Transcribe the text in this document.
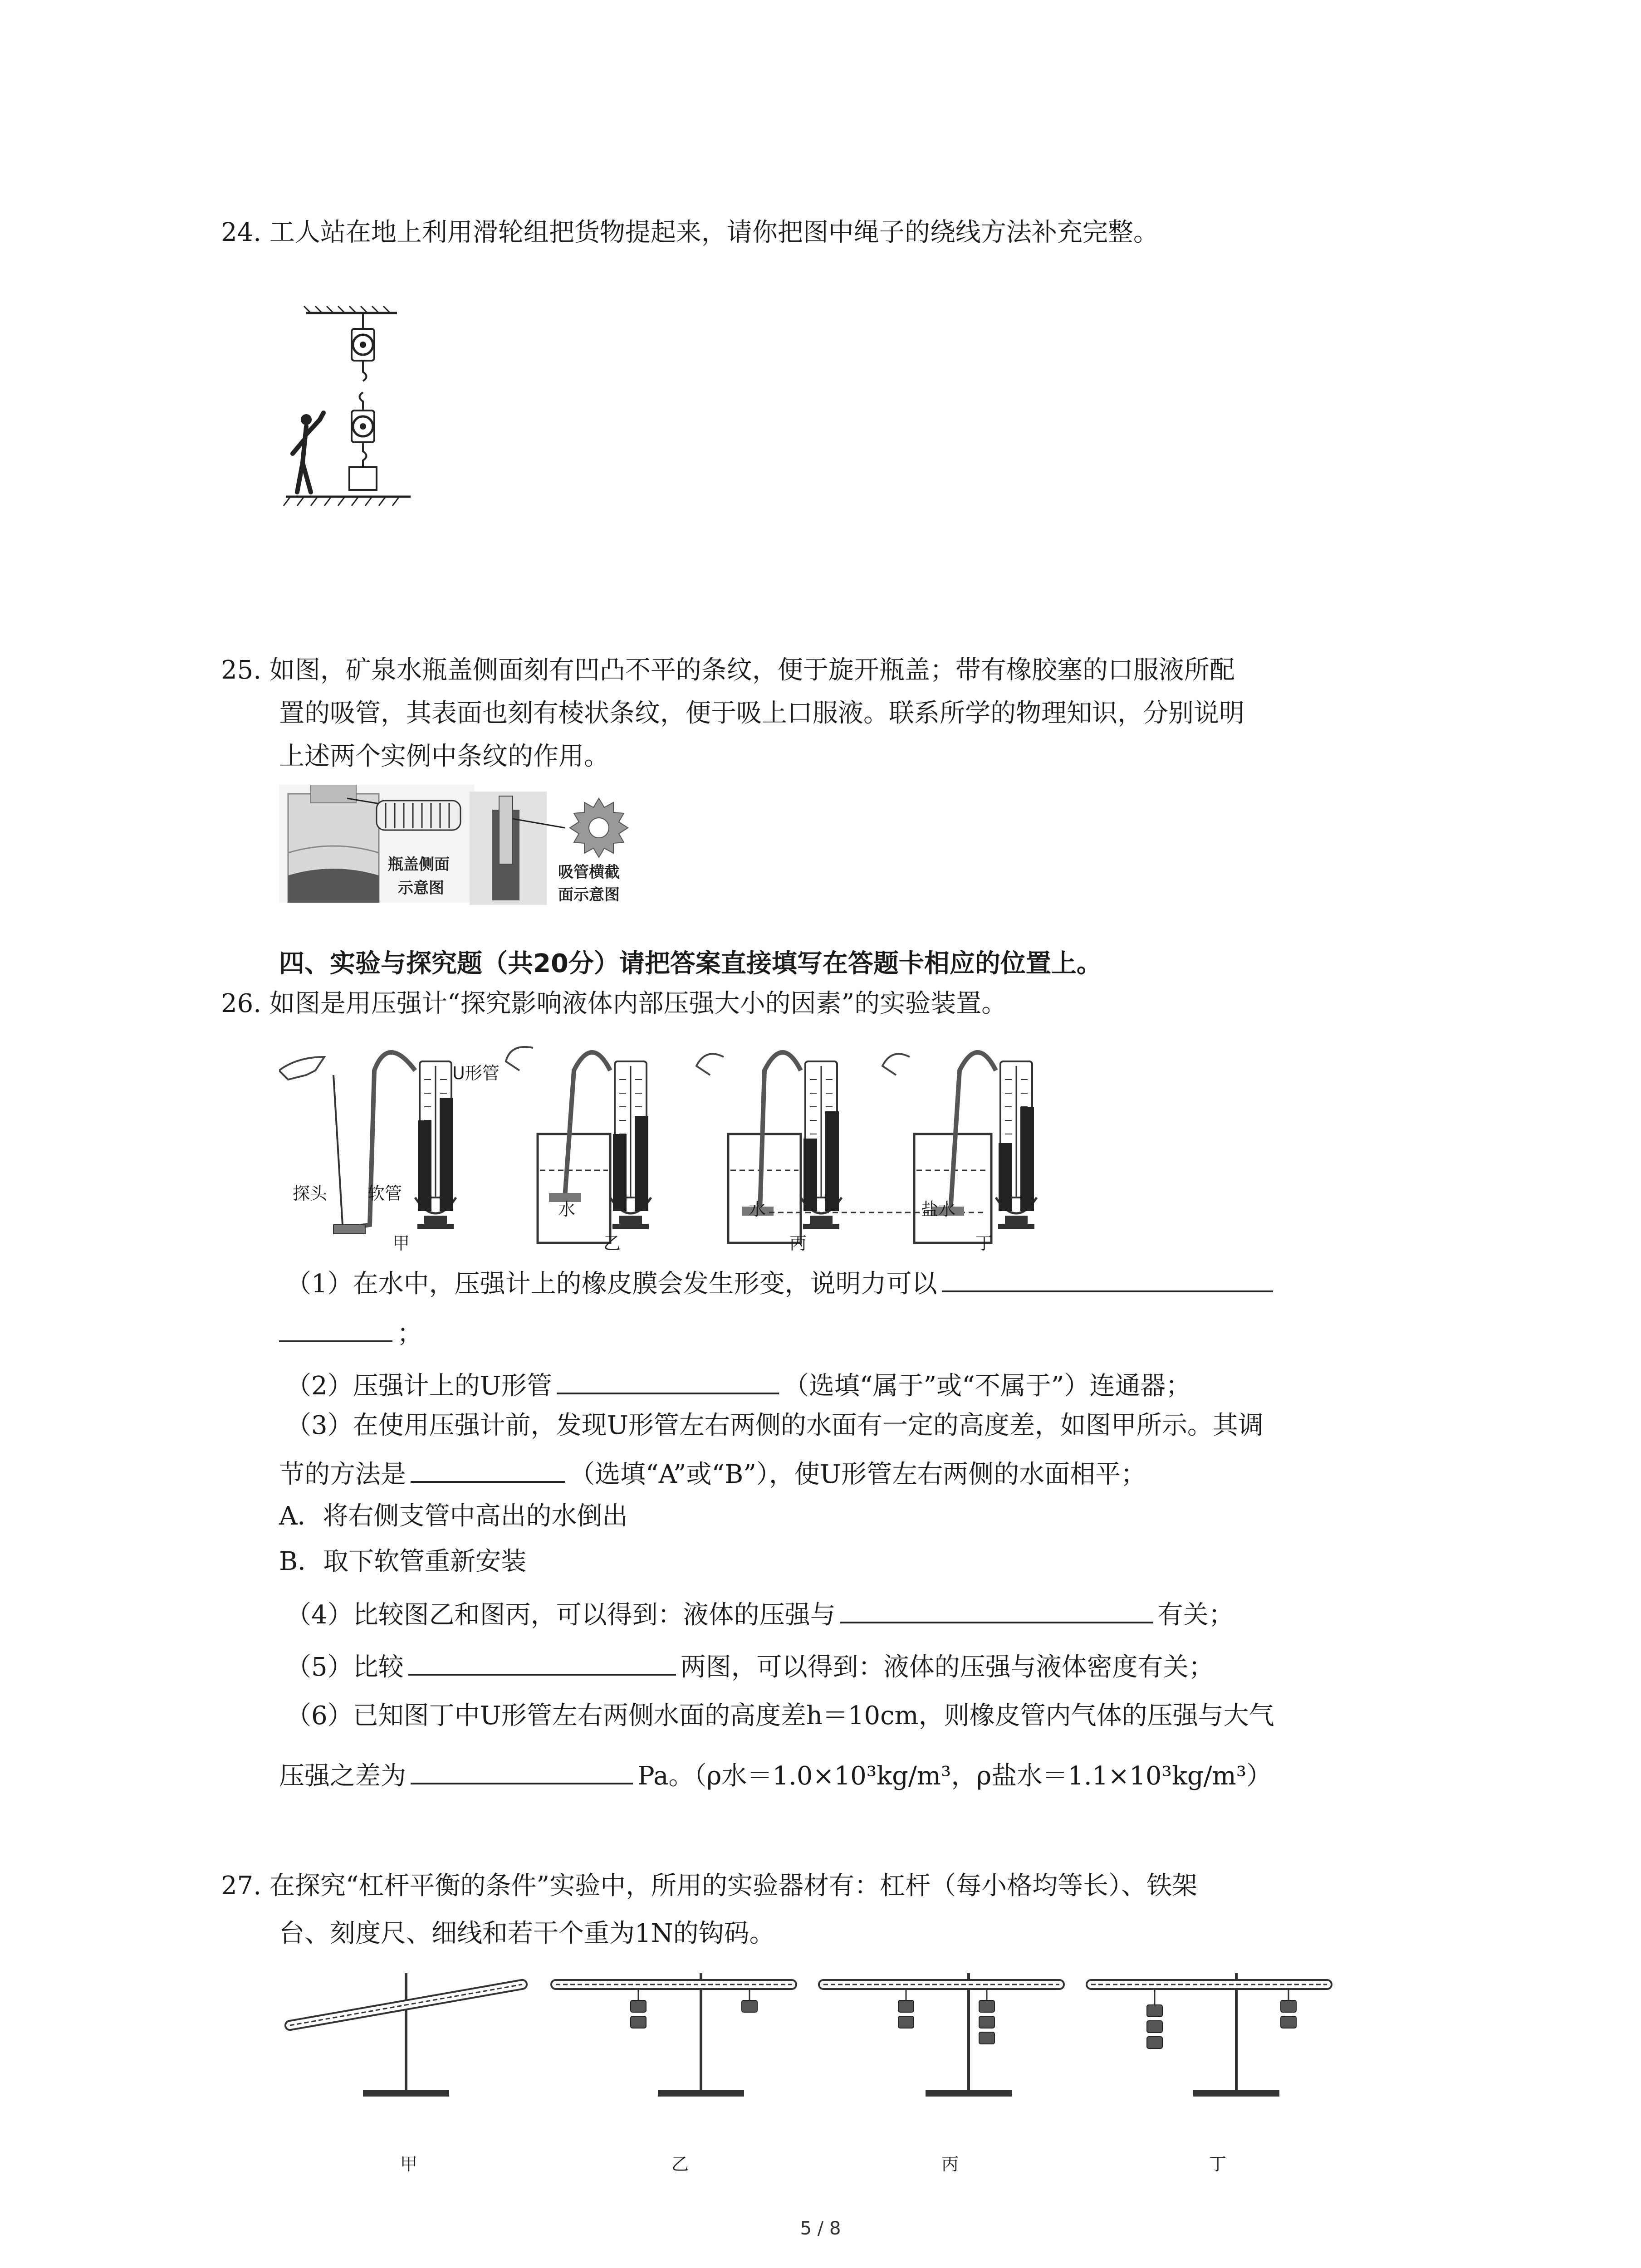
24. 工人站在地上利用滑轮组把货物提起来，请你把图中绳子的绕线方法补充完整。
25. 如图，矿泉水瓶盖侧面刻有凹凸不平的条纹，便于旋开瓶盖；带有橡胶塞的口服液所配
置的吸管，其表面也刻有棱状条纹，便于吸上口服液。联系所学的物理知识，分别说明
上述两个实例中条纹的作用。
瓶盖侧面
示意图
吸管横截
面示意图
四、实验与探究题（共20分）请把答案直接填写在答题卡相应的位置上。
26. 如图是用压强计“探究影响液体内部压强大小的因素”的实验装置。
U形管
探头 软管
水	水	盐水
甲	乙	丙	丁
（1）在水中，压强计上的橡皮膜会发生形变，说明力可以
；
（2）压强计上的U形管	（选填“属于”或“不属于”）连通器；
（3）在使用压强计前，发现U形管左右两侧的水面有一定的高度差，如图甲所示。其调
节的方法是	（选填“A”或“B”），使U形管左右两侧的水面相平；
A．将右侧支管中高出的水倒出
B．取下软管重新安装
（4）比较图乙和图丙，可以得到：液体的压强与	有关；
（5）比较	两图，可以得到：液体的压强与液体密度有关；
（6）已知图丁中U形管左右两侧水面的高度差h＝10cm，则橡皮管内气体的压强与大气
压强之差为	Pa。（ρ水＝1.0×10³kg/m³，ρ盐水＝1.1×10³kg/m³）
27. 在探究“杠杆平衡的条件”实验中，所用的实验器材有：杠杆（每小格均等长）、铁架
台、刻度尺、细线和若干个重为1N的钩码。
甲	乙	丙	丁
5 / 8
